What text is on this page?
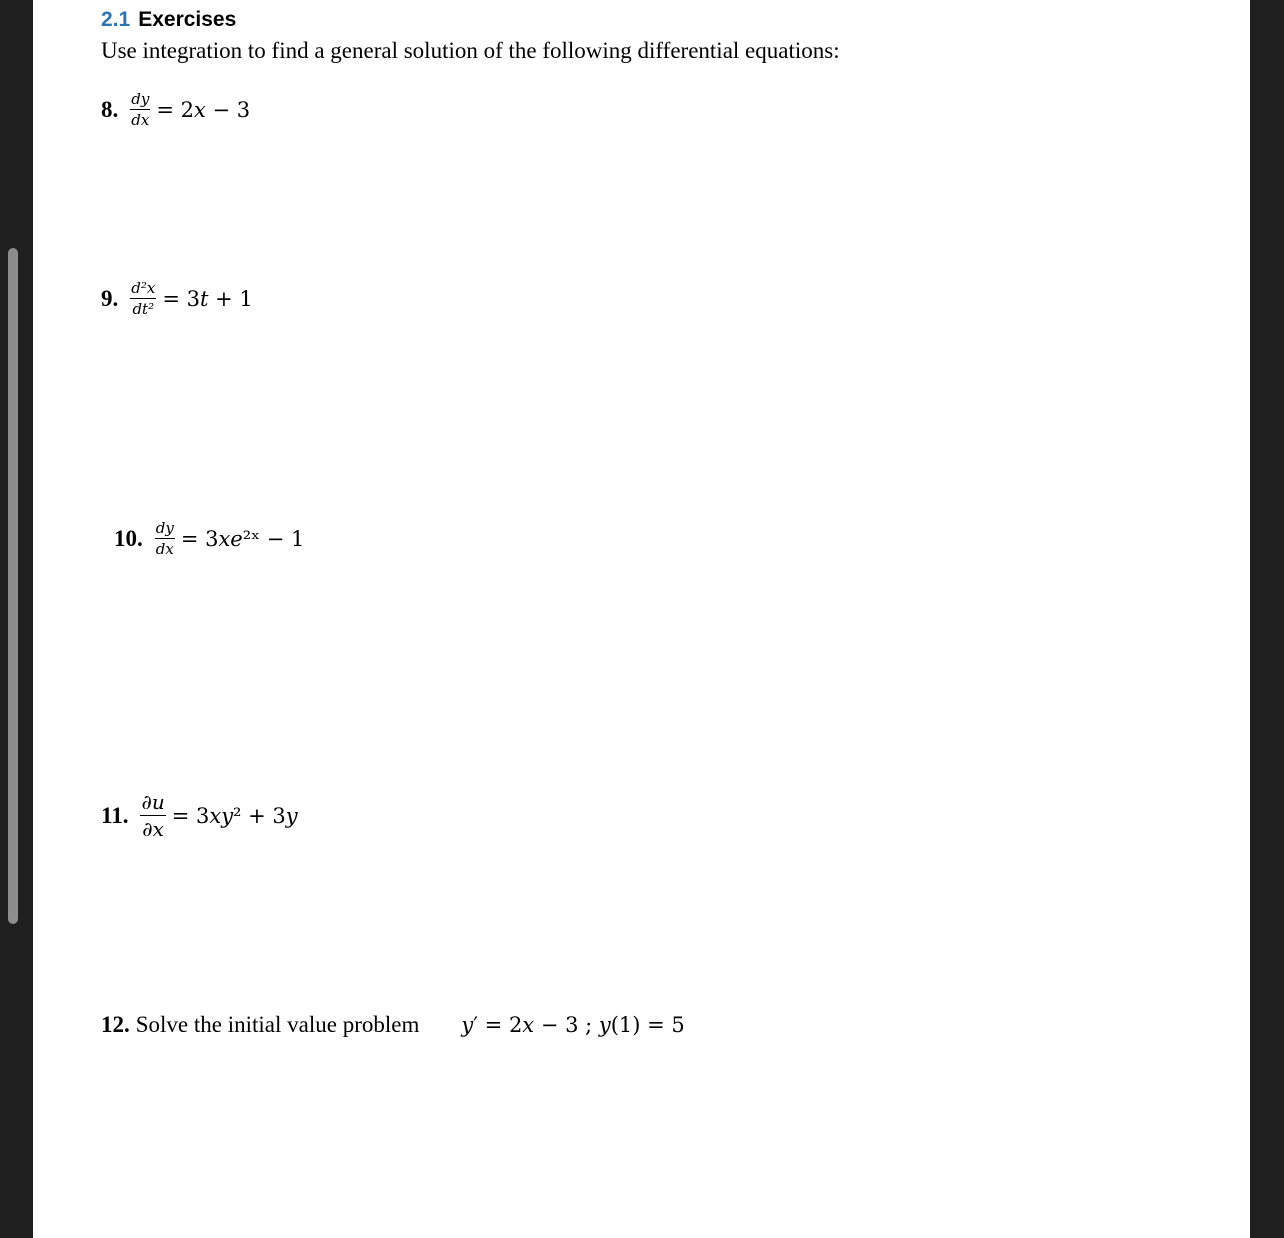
2.1 Exercises
Use integration to find a general solution of the following differential equations:
8. $\frac{dy}{dx}$ = 2𝑥 − 3
9. $\frac{\text{d²x}}{\text{dt²}}$ = 3𝑡 + 1
10. $\frac{dy}{dx}$ = 3𝑥𝑒²ˣ − 1
11. $\frac{\partial u}{\partial x}$ = 3𝑥𝑦² + 3𝑦
12. Solve the initial value problem 𝑦′ = 2𝑥 − 3 ; 𝑦(1) = 5
